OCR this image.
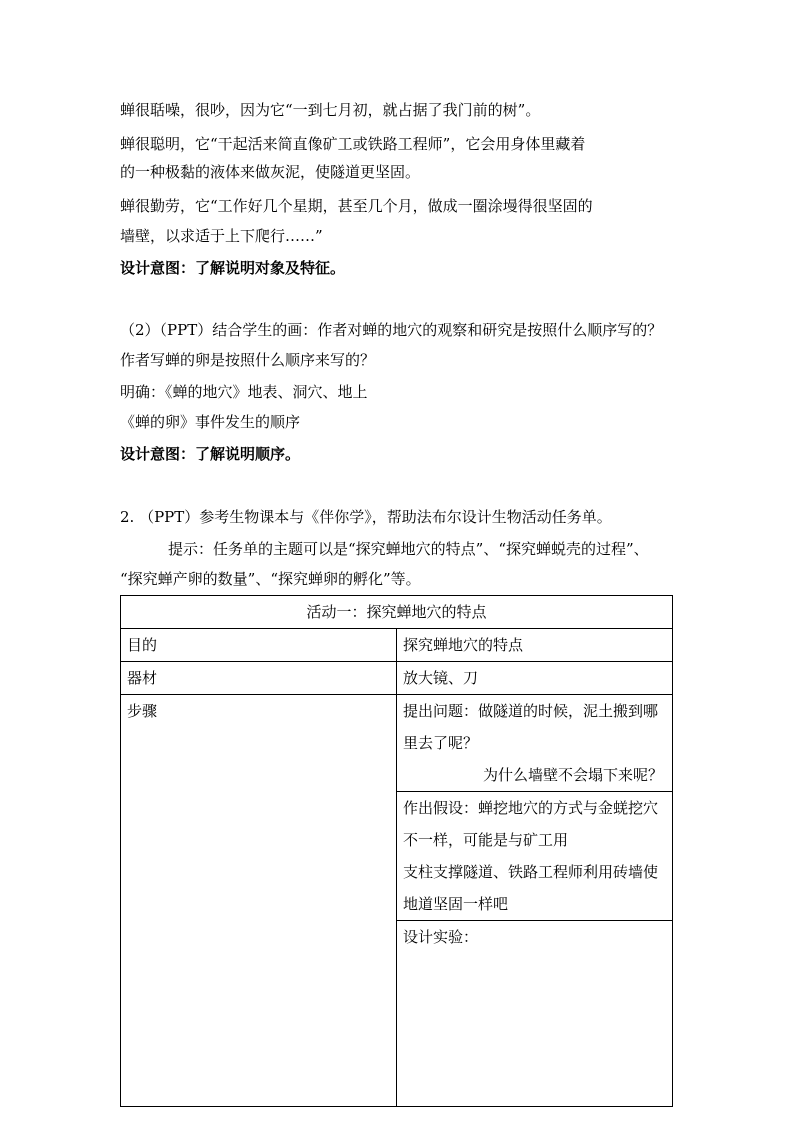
蝉很聒噪，很吵，因为它“一到七月初，就占据了我门前的树”。
蝉很聪明，它“干起活来简直像矿工或铁路工程师”，它会用身体里藏着
的一种极黏的液体来做灰泥，使隧道更坚固。
蝉很勤劳，它“工作好几个星期，甚至几个月，做成一圈涂墁得很坚固的
墙壁，以求适于上下爬行……”
设计意图：了解说明对象及特征。
（2）（PPT）结合学生的画：作者对蝉的地穴的观察和研究是按照什么顺序写的？
作者写蝉的卵是按照什么顺序来写的？
明确：《蝉的地穴》地表、洞穴、地上
《蝉的卵》事件发生的顺序
设计意图：了解说明顺序。
2. （PPT）参考生物课本与《伴你学》，帮助法布尔设计生物活动任务单。
提示：任务单的主题可以是“探究蝉地穴的特点”、“探究蝉蜕壳的过程”、
“探究蝉产卵的数量”、“探究蝉卵的孵化”等。
活动一：探究蝉地穴的特点	
目的	探究蝉地穴的特点
器材	放大镜、刀
步骤	提出问题：做隧道的时候，泥土搬到哪里去了呢？
为什么墙壁不会塌下来呢？

	作出假设：蝉挖地穴的方式与金蜣挖穴不一样，可能是与矿工用
支柱支撑隧道、铁路工程师利用砖墙使地道坚固一样吧

	设计实验：
